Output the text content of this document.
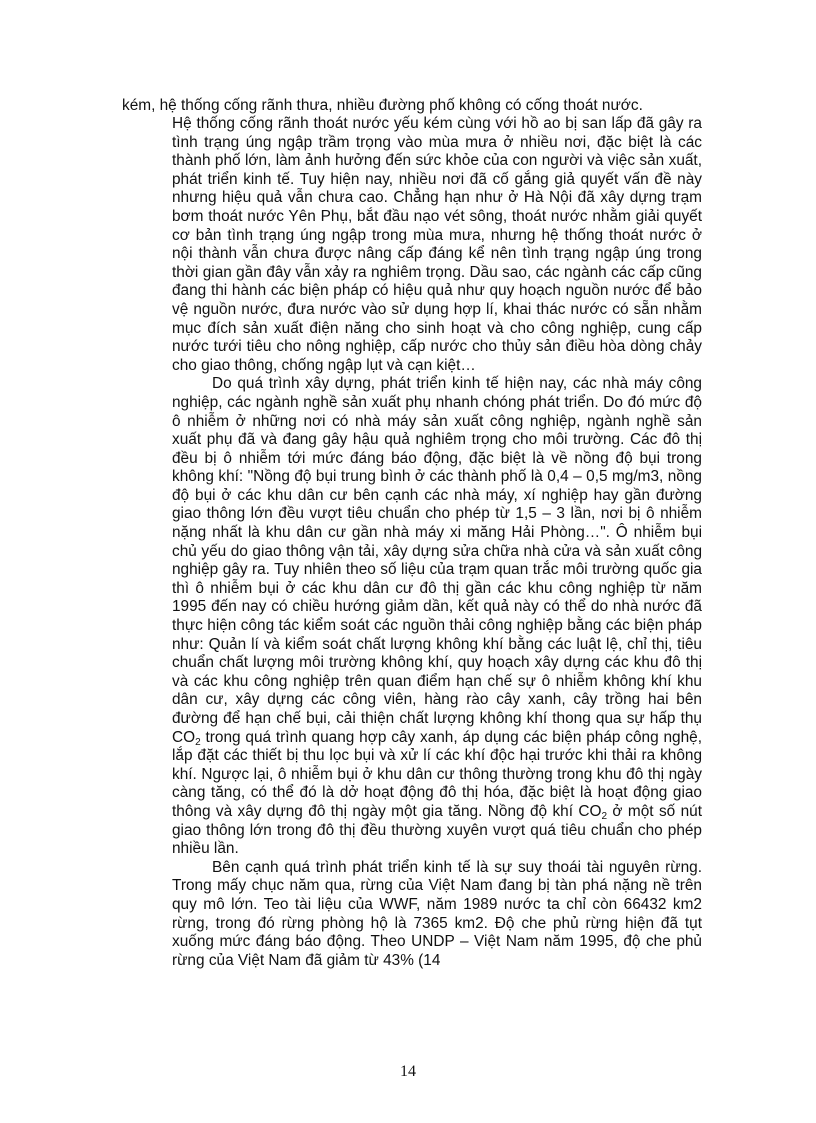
kém, hệ thống cống rãnh thưa, nhiều đường phố không có cống thoát nước.

Hệ thống cống rãnh thoát nước yếu kém cùng với hồ ao bị san lấp đã gây ra tình trạng úng ngập trầm trọng vào mùa mưa ở nhiều nơi, đặc biệt là các thành phố lớn, làm ảnh hưởng đến sức khỏe của con người và việc sản xuất, phát triển kinh tế. Tuy hiện nay, nhiều nơi đã cố gắng giả quyết vấn đề này nhưng hiệu quả vẫn chưa cao. Chẳng hạn như ở Hà Nội đã xây dựng trạm bơm thoát nước Yên Phụ, bắt đầu nạo vét sông, thoát nước nhằm giải quyết cơ bản tình trạng úng ngập trong mùa mưa, nhưng hệ thống thoát nước ở nội thành vẫn chưa được nâng cấp đáng kể nên tình trạng ngập úng trong thời gian gần đây vẫn xảy ra nghiêm trọng. Dầu sao, các ngành các cấp cũng đang thi hành các biện pháp có hiệu quả như quy hoạch nguồn nước để bảo vệ nguồn nước, đưa nước vào sử dụng hợp lí, khai thác nước có sẵn nhằm mục đích sản xuất điện năng cho sinh hoạt và cho công nghiệp, cung cấp nước tưới tiêu cho nông nghiệp, cấp nước cho thủy sản điều hòa dòng chảy cho giao thông, chống ngập lụt và cạn kiệt…

Do quá trình xây dựng, phát triển kinh tế hiện nay, các nhà máy công nghiệp, các ngành nghề sản xuất phụ nhanh chóng phát triển. Do đó mức độ ô nhiễm ở những nơi có nhà máy sản xuất công nghiệp, ngành nghề sản xuất phụ đã và đang gây hậu quả nghiêm trọng cho môi trường. Các đô thị đều bị ô nhiễm tới mức đáng báo động, đặc biệt là về nồng độ bụi trong không khí: "Nồng độ bụi trung bình ở các thành phố là 0,4 – 0,5 mg/m3, nồng độ bụi ở các khu dân cư bên cạnh các nhà máy, xí nghiệp hay gần đường giao thông lớn đều vượt tiêu chuẩn cho phép từ 1,5 – 3 lần, nơi bị ô nhiễm nặng nhất là khu dân cư gần nhà máy xi măng Hải Phòng…". Ô nhiễm bụi chủ yếu do giao thông vận tải, xây dựng sửa chữa nhà cửa và sản xuất công nghiệp gây ra. Tuy nhiên theo số liệu của trạm quan trắc môi trường quốc gia thì ô nhiễm bụi ở các khu dân cư đô thị gần các khu công nghiệp từ năm 1995 đến nay có chiều hướng giảm dần, kết quả này có thể do nhà nước đã thực hiện công tác kiểm soát các nguồn thải công nghiệp bằng các biện pháp như: Quản lí và kiểm soát chất lượng không khí bằng các luật lệ, chỉ thị, tiêu chuẩn chất lượng môi trường không khí, quy hoạch xây dựng các khu đô thị và các khu công nghiệp trên quan điểm hạn chế sự ô nhiễm không khí khu dân cư, xây dựng các công viên, hàng rào cây xanh, cây trồng hai bên đường để hạn chế bụi, cải thiện chất lượng không khí thong qua sự hấp thụ $CO_2$ trong quá trình quang hợp cây xanh, áp dụng các biện pháp công nghệ, lắp đặt các thiết bị thu lọc bụi và xử lí các khí độc hại trước khi thải ra không khí. Ngược lại, ô nhiễm bụi ở khu dân cư thông thường trong khu đô thị ngày càng tăng, có thể đó là dở hoạt động đô thị hóa, đặc biệt là hoạt động giao thông và xây dựng đô thị ngày một gia tăng. Nồng độ khí $CO_2$ ở một số nút giao thông lớn trong đô thị đều thường xuyên vượt quá tiêu chuẩn cho phép nhiều lần.

Bên cạnh quá trình phát triển kinh tế là sự suy thoái tài nguyên rừng. Trong mấy chục năm qua, rừng của Việt Nam đang bị tàn phá nặng nề trên quy mô lớn. Teo tài liệu của WWF, năm 1989 nước ta chỉ còn 66432 km2 rừng, trong đó rừng phòng hộ là 7365 km2. Độ che phủ rừng hiện đã tụt xuống mức đáng báo động. Theo UNDP – Việt Nam năm 1995, độ che phủ rừng của Việt Nam đã giảm từ 43% (14

14
